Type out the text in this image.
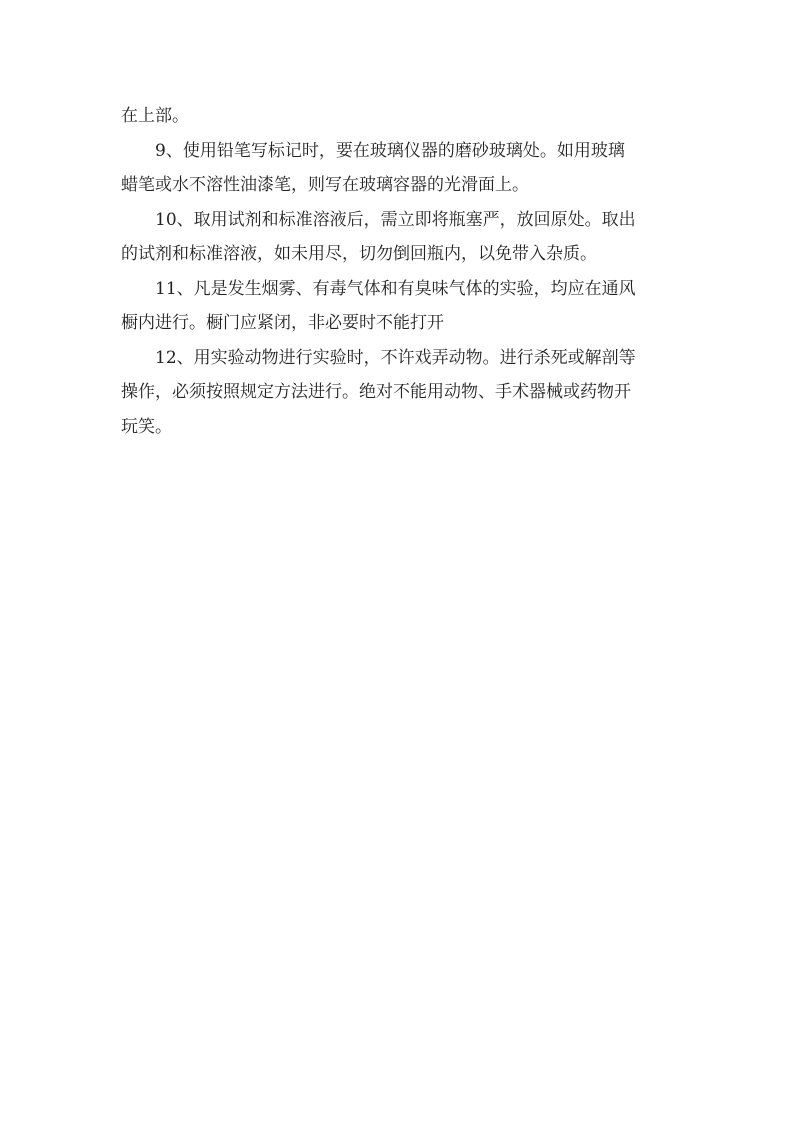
在上部。

9、使用铅笔写标记时，要在玻璃仪器的磨砂玻璃处。如用玻璃
蜡笔或水不溶性油漆笔，则写在玻璃容器的光滑面上。

10、取用试剂和标准溶液后，需立即将瓶塞严，放回原处。取出
的试剂和标准溶液，如未用尽，切勿倒回瓶内，以免带入杂质。

11、凡是发生烟雾、有毒气体和有臭味气体的实验，均应在通风
橱内进行。橱门应紧闭，非必要时不能打开

12、用实验动物进行实验时，不许戏弄动物。进行杀死或解剖等
操作，必须按照规定方法进行。绝对不能用动物、手术器械或药物开
玩笑。
